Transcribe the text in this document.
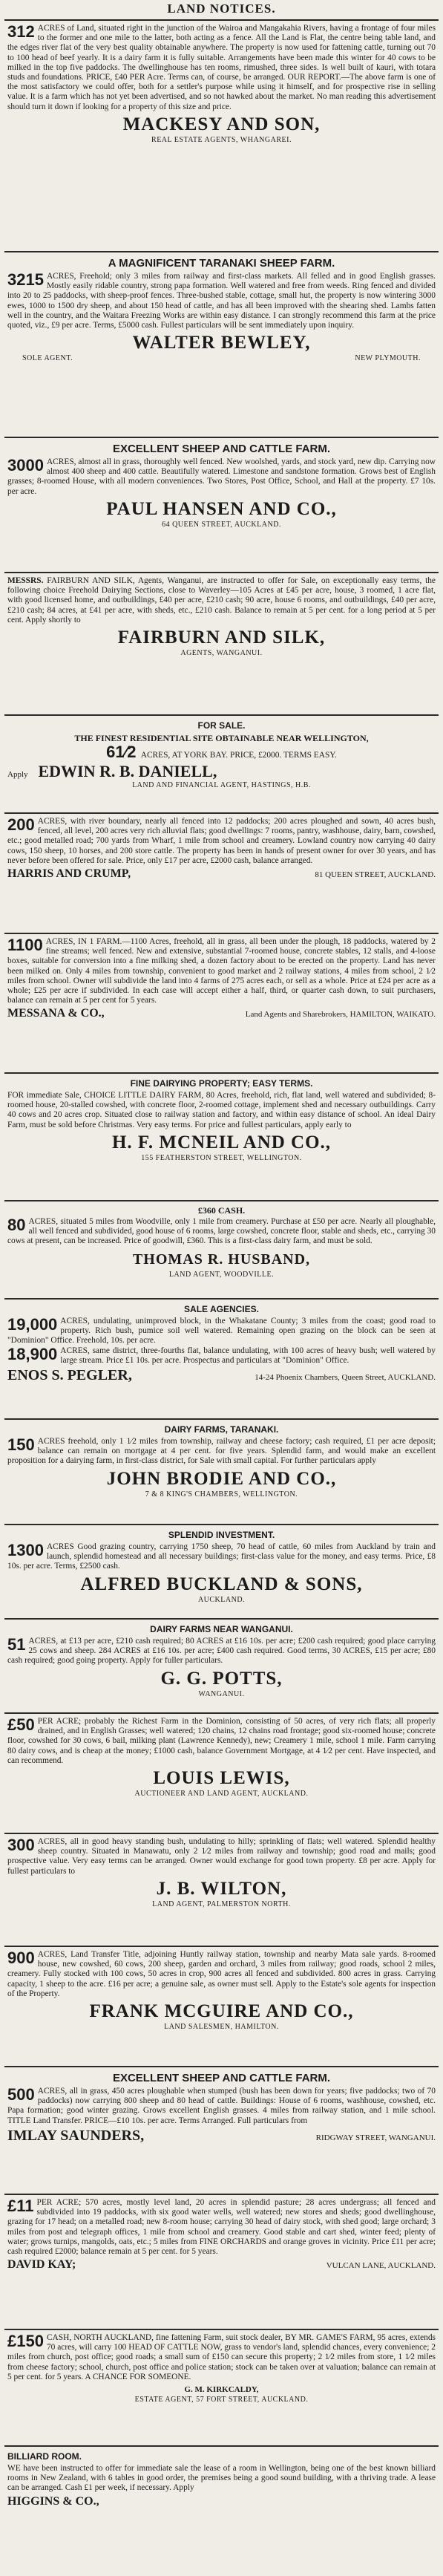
LAND NOTICES.

312 ACRES of Land, situated right in the junction of the Wairoa and Mangakahia Rivers, having a frontage of four miles to the former and one mile to the latter, both acting as a fence. All the Land is Flat, the centre being table land, and the edges river flat of the very best quality obtainable anywhere. The property is now used for fattening cattle, turning out 70 to 100 head of beef yearly. It is a dairy farm it is fully suitable. Arrangements have been made this winter for 40 cows to be milked in the top five paddocks. The dwellinghouse has ten rooms, rimushed, three sides. Is well built of kauri, with totara studs and foundations. PRICE, £40 PER Acre. Terms can, of course, be arranged. OUR REPORT.—The above farm is one of the most satisfactory we could offer, both for a settler's purpose while using it himself, and for prospective rise in selling value. It is a farm which has not yet been advertised, and so not hawked about the market. No man reading this advertisement should turn it down if looking for a property of this size and price.

MACKESY AND SON,
REAL ESTATE AGENTS, WHANGAREI.
A MAGNIFICENT TARANAKI SHEEP FARM.

3215 ACRES, Freehold; only 3 miles from railway and first-class markets. All felled and in good English grasses. Mostly easily ridable country, strong papa formation. Well watered and free from weeds. Ring fenced and divided into 20 to 25 paddocks, with sheep-proof fences. Three-bushed stable, cottage, small hut, the property is now wintering 3000 ewes, 1000 to 1500 dry sheep, and about 150 head of cattle, and has all been improved with the shearing shed. Lambs fatten well in the country, and the Waitara Freezing Works are within easy distance. I can strongly recommend this farm at the price quoted, viz., £9 per acre. Terms, £5000 cash. Fullest particulars will be sent immediately upon inquiry.

WALTER BEWLEY,
SOLE AGENT.	NEW PLYMOUTH.
EXCELLENT SHEEP AND CATTLE FARM.

3000 ACRES, almost all in grass, thoroughly well fenced. New woolshed, yards, and stock yard, new dip. Carrying now almost 400 sheep and 400 cattle. Beautifully watered. Limestone and sandstone formation. Grows best of English grasses; 8-roomed House, with all modern conveniences. Two Stores, Post Office, School, and Hall at the property. £7 10s. per acre.

PAUL HANSEN AND CO.,
64 QUEEN STREET, AUCKLAND.

MESSRS. FAIRBURN AND SILK, Agents, Wanganui, are instructed to offer for Sale, on exceptionally easy terms, the following choice Freehold Dairying Sections, close to Waverley—105 Acres at £45 per acre, house, 3 roomed, 1 acre flat, with good licensed home, and outbuildings, £40 per acre, £210 cash; 90 acre, house 6 rooms, and outbuildings, £40 per acre, £210 cash; 84 acres, at £41 per acre, with sheds, etc., £210 cash. Balance to remain at 5 per cent. for a long period at 5 per cent. Apply shortly to

FAIRBURN AND SILK,
AGENTS, WANGANUI.
FOR SALE.
THE FINEST RESIDENTIAL SITE OBTAINABLE NEAR WELLINGTON,

61⁄2 ACRES, AT YORK BAY. PRICE, £2000. TERMS EASY.

Apply EDWIN R. B. DANIELL,
LAND AND FINANCIAL AGENT, HASTINGS, H.B.

200 ACRES, with river boundary, nearly all fenced into 12 paddocks; 200 acres ploughed and sown, 40 acres bush, fenced, all level, 200 acres very rich alluvial flats; good dwellings: 7 rooms, pantry, washhouse, dairy, barn, cowshed, etc.; good metalled road; 700 yards from Wharf, 1 mile from school and creamery. Lowland country now carrying 40 dairy cows, 150 sheep, 10 horses, and 200 store cattle. The property has been in hands of present owner for over 30 years, and has never before been offered for sale. Price, only £17 per acre, £2000 cash, balance arranged.

HARRIS AND CRUMP,	81 QUEEN STREET, AUCKLAND.

1100 ACRES, IN 1 FARM.—1100 Acres, freehold, all in grass, all been under the plough, 18 paddocks, watered by 2 fine streams; well fenced. New and extensive, substantial 7-roomed house, concrete stables, 12 stalls, and 4-loose boxes, suitable for conversion into a fine milking shed, a dozen factory about to be erected on the property. Land has never been milked on. Only 4 miles from township, convenient to good market and 2 railway stations, 4 miles from school, 2 1⁄2 miles from school. Owner will subdivide the land into 4 farms of 275 acres each, or sell as a whole. Price at £24 per acre as a whole; £25 per acre if subdivided. In each case will accept either a half, third, or quarter cash down, to suit purchasers, balance can remain at 5 per cent for 5 years.

MESSANA & CO.,	Land Agents and Sharebrokers, HAMILTON, WAIKATO.
FINE DAIRYING PROPERTY; EASY TERMS.

FOR immediate Sale, CHOICE LITTLE DAIRY FARM, 80 Acres, freehold, rich, flat land, well watered and subdivided; 8-roomed house, 20-stalled cowshed, with concrete floor, 2-roomed cottage, implement shed and necessary outbuildings. Carry 40 cows and 20 acres crop. Situated close to railway station and factory, and within easy distance of school. An ideal Dairy Farm, must be sold before Christmas. Very easy terms. For price and fullest particulars, apply early to

H. F. MCNEIL AND CO.,
155 FEATHERSTON STREET, WELLINGTON.
£360 CASH.

80 ACRES, situated 5 miles from Woodville, only 1 mile from creamery. Purchase at £50 per acre. Nearly all ploughable, all well fenced and subdivided, good house of 6 rooms, large cowshed, concrete floor, stable and sheds, etc., carrying 30 cows at present, can be increased. Price of goodwill, £360. This is a first-class dairy farm, and must be sold.

THOMAS R. HUSBAND,
LAND AGENT, WOODVILLE.
SALE AGENCIES.

19,000 ACRES, undulating, unimproved block, in the Whakatane County; 3 miles from the coast; good road to property. Rich bush, pumice soil well watered. Remaining open grazing on the block can be seen at "Dominion" Office. Freehold, 10s. per acre.

18,900 ACRES, same district, three-fourths flat, balance undulating, with 100 acres of heavy bush; well watered by large stream. Price £1 10s. per acre. Prospectus and particulars at "Dominion" Office.

ENOS S. PEGLER,	14-24 Phoenix Chambers, Queen Street, AUCKLAND.
DAIRY FARMS, TARANAKI.

150 ACRES freehold, only 1 1⁄2 miles from township, railway and cheese factory; cash required, £1 per acre deposit; balance can remain on mortgage at 4 per cent. for five years. Splendid farm, and would make an excellent proposition for a dairying farm, in first-class district, for Sale with small capital. For further particulars apply

JOHN BRODIE AND CO.,
7 & 8 KING'S CHAMBERS, WELLINGTON.
SPLENDID INVESTMENT.

1300 ACRES Good grazing country, carrying 1750 sheep, 70 head of cattle, 60 miles from Auckland by train and launch, splendid homestead and all necessary buildings; first-class value for the money, and easy terms. Price, £8 10s. per acre. Terms, £2500 cash.

ALFRED BUCKLAND & SONS,
AUCKLAND.
DAIRY FARMS NEAR WANGANUI.

51 ACRES, at £13 per acre, £210 cash required; 80 ACRES at £16 10s. per acre; £200 cash required; good place carrying 25 cows and sheep. 284 ACRES at £16 10s. per acre; £400 cash required. Good terms, 30 ACRES, £15 per acre; £80 cash required; good going property. Apply for fuller particulars.

G. G. POTTS,
WANGANUI.

£50 PER ACRE; probably the Richest Farm in the Dominion, consisting of 50 acres, of very rich flats; all properly drained, and in English Grasses; well watered; 120 chains, 12 chains road frontage; good six-roomed house; concrete floor, cowshed for 30 cows, 6 bail, milking plant (Lawrence Kennedy), new; Creamery 1 mile, school 1 mile. Farm carrying 80 dairy cows, and is cheap at the money; £1000 cash, balance Government Mortgage, at 4 1⁄2 per cent. Have inspected, and can recommend.

LOUIS LEWIS,
AUCTIONEER AND LAND AGENT, AUCKLAND.

300 ACRES, all in good heavy standing bush, undulating to hilly; sprinkling of flats; well watered. Splendid healthy sheep country. Situated in Manawatu, only 2 1⁄2 miles from railway and township; good road and mails; good prospective value. Very easy terms can be arranged. Owner would exchange for good town property. £8 per acre. Apply for fullest particulars to

J. B. WILTON,
LAND AGENT, PALMERSTON NORTH.

900 ACRES, Land Transfer Title, adjoining Huntly railway station, township and nearby Mata sale yards. 8-roomed house, new cowshed, 60 cows, 200 sheep, garden and orchard, 3 miles from railway; good roads, school 2 miles, creamery. Fully stocked with 100 cows, 50 acres in crop, 900 acres all fenced and subdivided. 800 acres in grass. Carrying capacity, 1 sheep to the acre. £16 per acre; a genuine sale, as owner must sell. Apply to the Estate's sole agents for inspection of the Property.

FRANK MCGUIRE AND CO.,
LAND SALESMEN, HAMILTON.
EXCELLENT SHEEP AND CATTLE FARM.

500 ACRES, all in grass, 450 acres ploughable when stumped (bush has been down for years; five paddocks; two of 70 paddocks) now carrying 800 sheep and 80 head of cattle. Buildings: House of 6 rooms, washhouse, cowshed, etc. Papa formation; good winter grazing. Grows excellent English grasses. 4 miles from railway station, and 1 mile school. TITLE Land Transfer. PRICE—£10 10s. per acre. Terms Arranged. Full particulars from

IMLAY SAUNDERS,	RIDGWAY STREET, WANGANUI.

£11 PER ACRE; 570 acres, mostly level land, 20 acres in splendid pasture; 28 acres undergrass; all fenced and subdivided into 19 paddocks, with six good water wells, well watered; new stores and sheds; good dwellinghouse, grazing for 17 head; on a metalled road; new 8-room house; carrying 30 head of dairy stock, with shed good; large orchard; 3 miles from post and telegraph offices, 1 mile from school and creamery. Good stable and cart shed, winter feed; plenty of water; grows turnips, mangolds, oats, etc.; 5 miles from FINE ORCHARDS and orange groves in vicinity. Price £11 per acre; cash required £2000; balance remain at 5 per cent. for 5 years.

DAVID KAY;	VULCAN LANE, AUCKLAND.

£150 CASH, NORTH AUCKLAND, fine fattening Farm, suit stock dealer, BY MR. GAME'S FARM, 95 acres, extends 70 acres, will carry 100 HEAD OF CATTLE NOW, grass to vendor's land, splendid chances, every convenience; 2 miles from church, post office; good roads; a small sum of £150 can secure this property; 2 1⁄2 miles from store, 1 1⁄2 miles from cheese factory; school, church, post office and police station; stock can be taken over at valuation; balance can remain at 5 per cent. for 5 years. A CHANCE FOR SOMEONE.

G. M. KIRKCALDY,
ESTATE AGENT, 57 FORT STREET, AUCKLAND.
BILLIARD ROOM.

WE have been instructed to offer for immediate sale the lease of a room in Wellington, being one of the best known billiard rooms in New Zealand, with 6 tables in good order, the premises being a good sound building, with a thriving trade. A lease can be arranged. Cash £1 per week, if necessary. Apply

HIGGINS & CO.,
